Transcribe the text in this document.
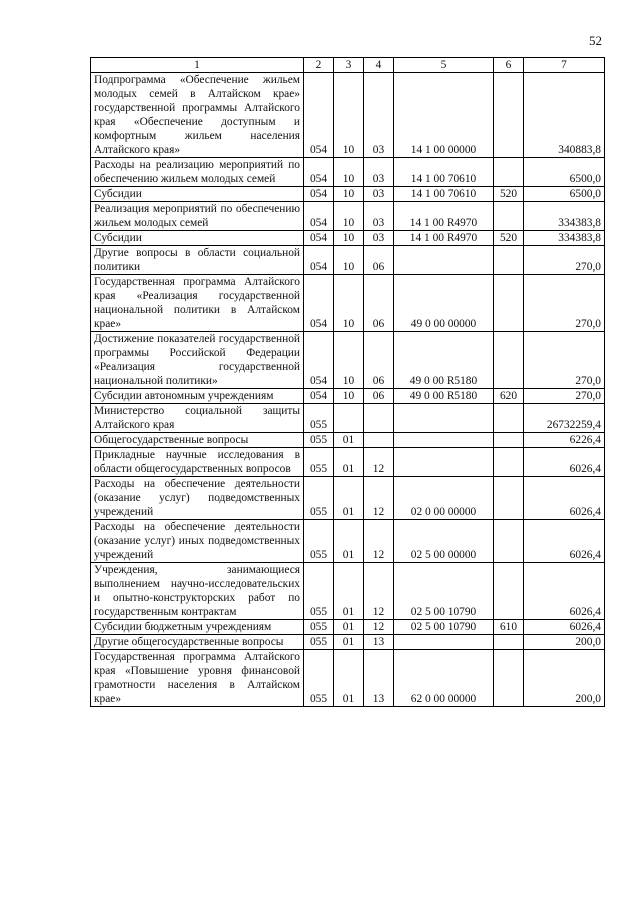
52
1	2	3	4	5	6	7
Подпрограмма «Обеспечение жильем молодых семей в Алтайском крае» государственной программы Алтайского края «Обеспечение доступным и комфортным жильем населения Алтайского края»	054	10	03	14 1 00 00000		340883,8
Расходы на реализацию мероприятий по обеспечению жильем молодых семей	054	10	03	14 1 00 70610		6500,0
Субсидии	054	10	03	14 1 00 70610	520	6500,0
Реализация мероприятий по обеспечению жильем молодых семей	054	10	03	14 1 00 R4970		334383,8
Субсидии	054	10	03	14 1 00 R4970	520	334383,8
Другие вопросы в области социальной политики	054	10	06			270,0
Государственная программа Алтайского края «Реализация государственной национальной политики в Алтайском крае»	054	10	06	49 0 00 00000		270,0
Достижение показателей государственной программы Российской Федерации «Реализация государственной национальной политики»	054	10	06	49 0 00 R5180		270,0
Субсидии автономным учреждениям	054	10	06	49 0 00 R5180	620	270,0
Министерство социальной защиты Алтайского края	055					26732259,4
Общегосударственные вопросы	055	01				6226,4
Прикладные научные исследования в области общегосударственных вопросов	055	01	12			6026,4
Расходы на обеспечение деятельности (оказание услуг) подведомственных учреждений	055	01	12	02 0 00 00000		6026,4
Расходы на обеспечение деятельности (оказание услуг) иных подведомственных учреждений	055	01	12	02 5 00 00000		6026,4
Учреждения, занимающиеся выполнением научно-исследовательских и опытно-конструкторских работ по государственным контрактам	055	01	12	02 5 00 10790		6026,4
Субсидии бюджетным учреждениям	055	01	12	02 5 00 10790	610	6026,4
Другие общегосударственные вопросы	055	01	13			200,0
Государственная программа Алтайского края «Повышение уровня финансовой грамотности населения в Алтайском крае»	055	01	13	62 0 00 00000		200,0
